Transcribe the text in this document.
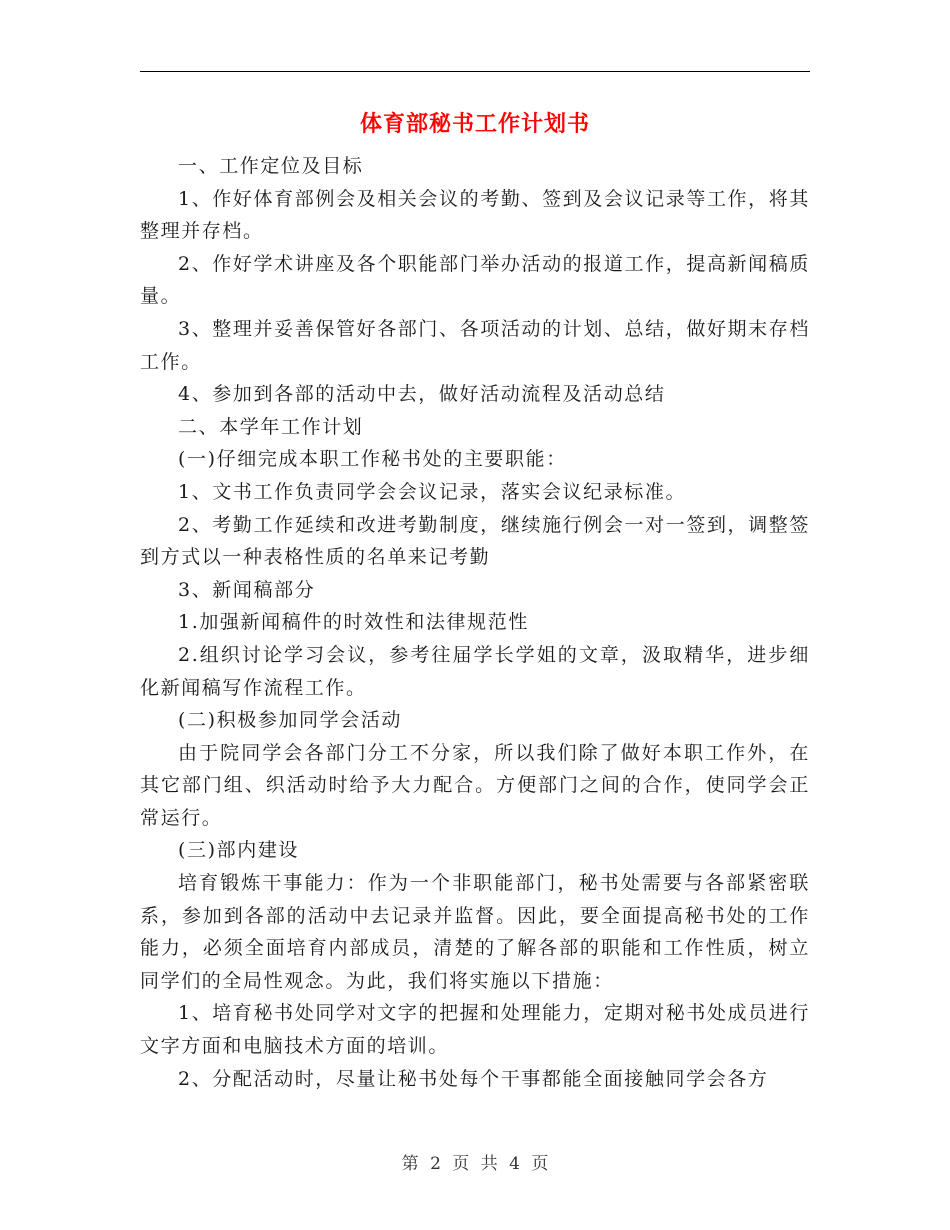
体育部秘书工作计划书

一、工作定位及目标

1、作好体育部例会及相关会议的考勤、签到及会议记录等工作，将其整理并存档。

2、作好学术讲座及各个职能部门举办活动的报道工作，提高新闻稿质量。

3、整理并妥善保管好各部门、各项活动的计划、总结，做好期末存档工作。

4、参加到各部的活动中去，做好活动流程及活动总结

二、本学年工作计划

(一)仔细完成本职工作秘书处的主要职能：

1、文书工作负责同学会会议记录，落实会议纪录标准。

2、考勤工作延续和改进考勤制度，继续施行例会一对一签到，调整签到方式以一种表格性质的名单来记考勤

3、新闻稿部分

1.加强新闻稿件的时效性和法律规范性

2.组织讨论学习会议，参考往届学长学姐的文章，汲取精华，进步细化新闻稿写作流程工作。

(二)积极参加同学会活动

由于院同学会各部门分工不分家，所以我们除了做好本职工作外，在其它部门组、织活动时给予大力配合。方便部门之间的合作，使同学会正常运行。

(三)部内建设

培育锻炼干事能力：作为一个非职能部门，秘书处需要与各部紧密联系，参加到各部的活动中去记录并监督。因此，要全面提高秘书处的工作能力，必须全面培育内部成员，清楚的了解各部的职能和工作性质，树立同学们的全局性观念。为此，我们将实施以下措施：

1、培育秘书处同学对文字的把握和处理能力，定期对秘书处成员进行文字方面和电脑技术方面的培训。

2、分配活动时，尽量让秘书处每个干事都能全面接触同学会各方

第 2 页 共 4 页
